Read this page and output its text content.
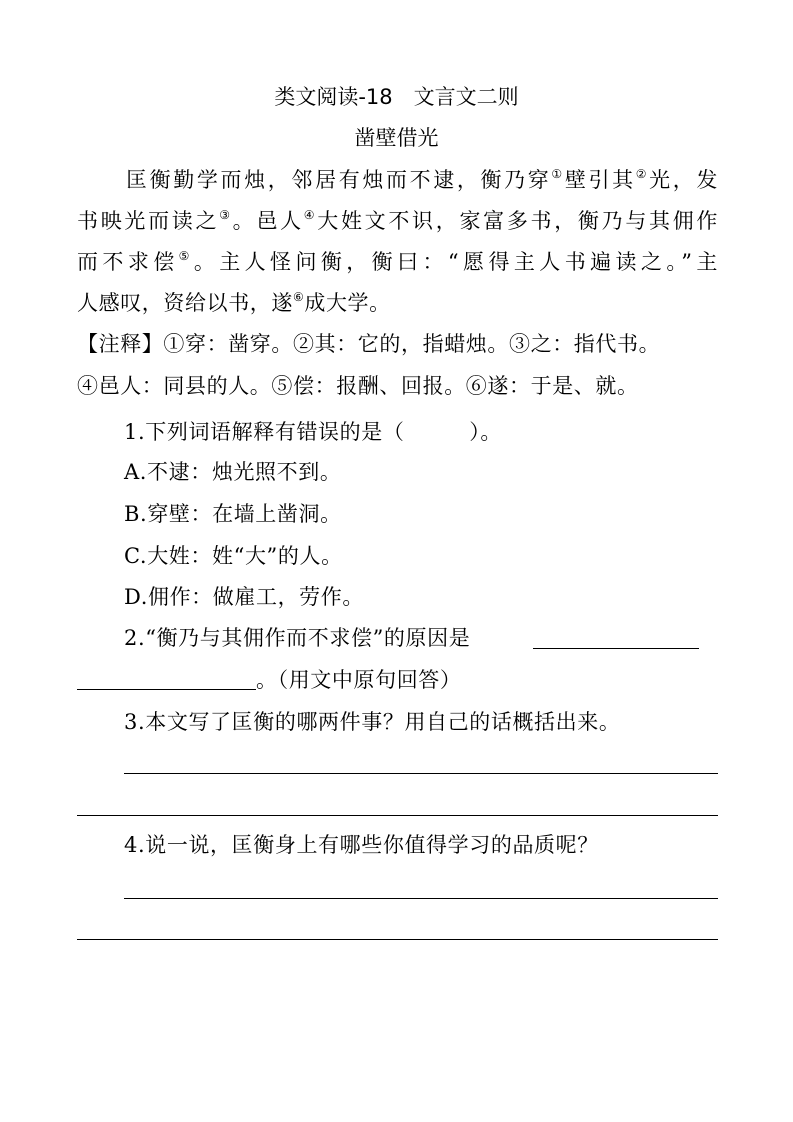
类文阅读-18　文言文二则
凿壁借光
匡衡勤学而烛，邻居有烛而不逮，衡乃穿①壁引其②光，发
书映光而读之③。邑人④大姓文不识，家富多书，衡乃与其佣作
而不求偿⑤。主人怪问衡，衡曰：“愿得主人书遍读之。”主
人感叹，资给以书，遂⑥成大学。
【注释】①穿：凿穿。②其：它的，指蜡烛。③之：指代书。
④邑人：同县的人。⑤偿：报酬、回报。⑥遂：于是、就。
1.下列词语解释有错误的是（　　　）。
A.不逮：烛光照不到。
B.穿壁：在墙上凿洞。
C.大姓：姓“大”的人。
D.佣作：做雇工，劳作。
2.“衡乃与其佣作而不求偿”的原因是
。（用文中原句回答）
3.本文写了匡衡的哪两件事？用自己的话概括出来。
4.说一说，匡衡身上有哪些你值得学习的品质呢？
